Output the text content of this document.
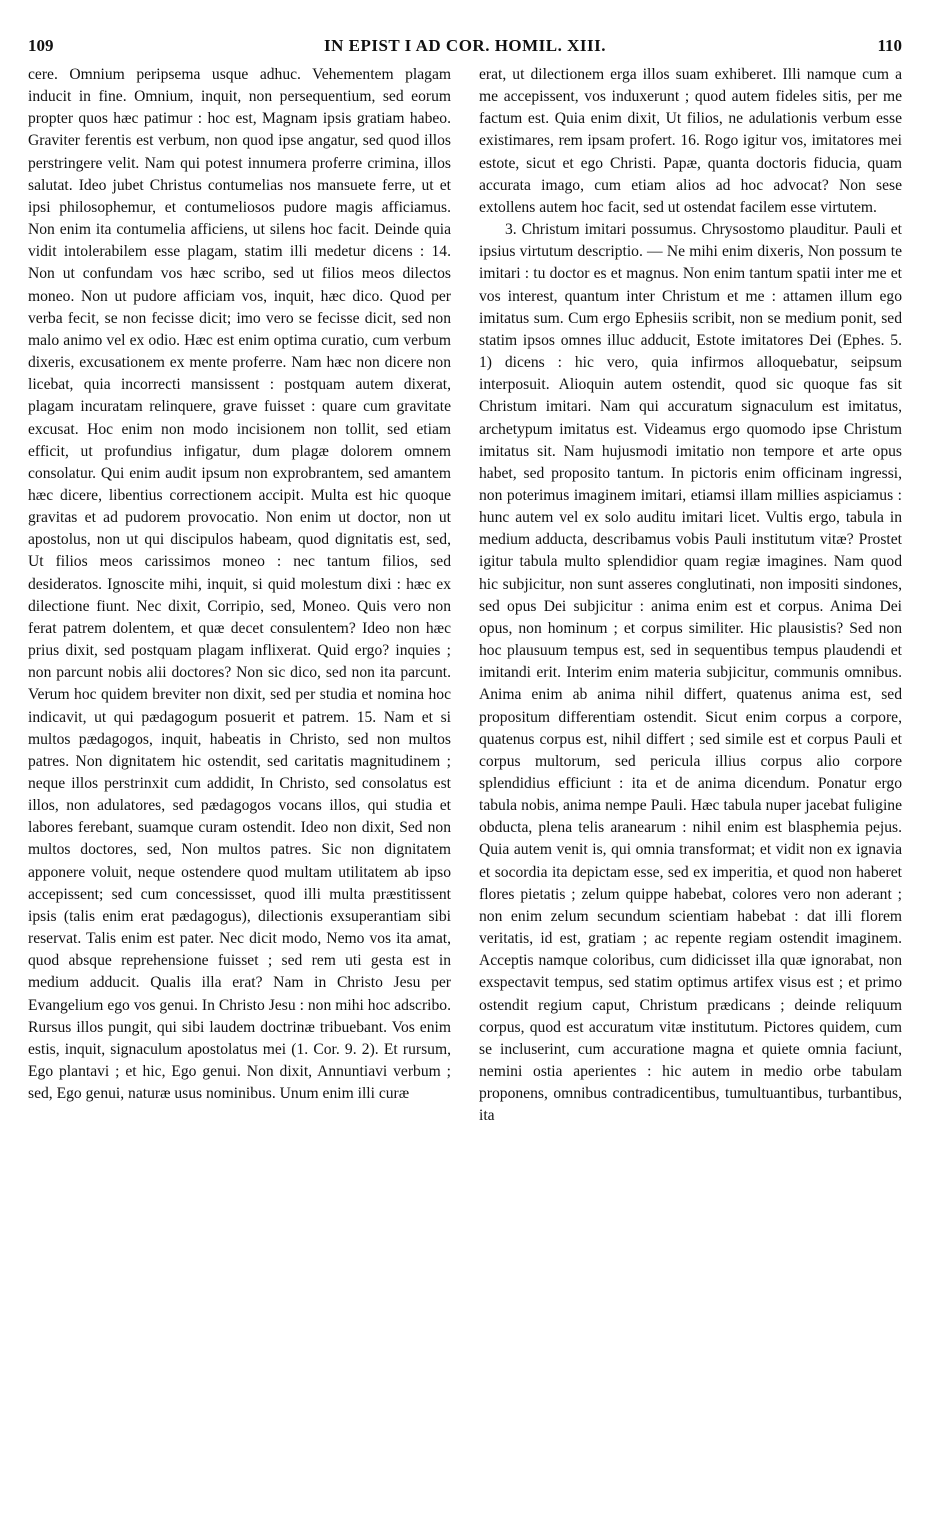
109	IN EPIST I AD COR. HOMIL. XIII.	110

cere. Omnium peripsema usque adhuc. Vehementem plagam inducit in fine. Omnium, inquit, non persequentium, sed eorum propter quos hæc patimur : hoc est, Magnam ipsis gratiam habeo. Graviter ferentis est verbum, non quod ipse angatur, sed quod illos perstringere velit. Nam qui potest innumera proferre crimina, illos salutat. Ideo jubet Christus contumelias nos mansuete ferre, ut et ipsi philosophemur, et contumeliosos pudore magis afficiamus. Non enim ita contumelia afficiens, ut silens hoc facit. Deinde quia vidit intolerabilem esse plagam, statim illi medetur dicens : 14. Non ut confundam vos hæc scribo, sed ut filios meos dilectos moneo. Non ut pudore afficiam vos, inquit, hæc dico. Quod per verba fecit, se non fecisse dicit; imo vero se fecisse dicit, sed non malo animo vel ex odio. Hæc est enim optima curatio, cum verbum dixeris, excusationem ex mente proferre. Nam hæc non dicere non licebat, quia incorrecti mansissent : postquam autem dixerat, plagam incuratam relinquere, grave fuisset : quare cum gravitate excusat. Hoc enim non modo incisionem non tollit, sed etiam efficit, ut profundius infigatur, dum plagæ dolorem omnem consolatur. Qui enim audit ipsum non exprobrantem, sed amantem hæc dicere, libentius correctionem accipit. Multa est hic quoque gravitas et ad pudorem provocatio. Non enim ut doctor, non ut apostolus, non ut qui discipulos habeam, quod dignitatis est, sed, Ut filios meos carissimos moneo : nec tantum filios, sed desideratos. Ignoscite mihi, inquit, si quid molestum dixi : hæc ex dilectione fiunt. Nec dixit, Corripio, sed, Moneo. Quis vero non ferat patrem dolentem, et quæ decet consulentem? Ideo non hæc prius dixit, sed postquam plagam inflixerat. Quid ergo? inquies ; non parcunt nobis alii doctores? Non sic dico, sed non ita parcunt. Verum hoc quidem breviter non dixit, sed per studia et nomina hoc indicavit, ut qui pædagogum posuerit et patrem. 15. Nam et si multos pædagogos, inquit, habeatis in Christo, sed non multos patres. Non dignitatem hic ostendit, sed caritatis magnitudinem ; neque illos perstrinxit cum addidit, In Christo, sed consolatus est illos, non adulatores, sed pædagogos vocans illos, qui studia et labores ferebant, suamque curam ostendit. Ideo non dixit, Sed non multos doctores, sed, Non multos patres. Sic non dignitatem apponere voluit, neque ostendere quod multam utilitatem ab ipso accepissent; sed cum concessisset, quod illi multa præstitissent ipsis (talis enim erat pædagogus), dilectionis exsuperantiam sibi reservat. Talis enim est pater. Nec dicit modo, Nemo vos ita amat, quod absque reprehensione fuisset ; sed rem uti gesta est in medium adducit. Qualis illa erat? Nam in Christo Jesu per Evangelium ego vos genui. In Christo Jesu : non mihi hoc adscribo. Rursus illos pungit, qui sibi laudem doctrinæ tribuebant. Vos enim estis, inquit, signaculum apostolatus mei (1. Cor. 9. 2). Et rursum, Ego plantavi ; et hic, Ego genui. Non dixit, Annuntiavi verbum ; sed, Ego genui, naturæ usus nominibus. Unum enim illi curæ

erat, ut dilectionem erga illos suam exhiberet. Illi namque cum a me accepissent, vos induxerunt ; quod autem fideles sitis, per me factum est. Quia enim dixit, Ut filios, ne adulationis verbum esse existimares, rem ipsam profert. 16. Rogo igitur vos, imitatores mei estote, sicut et ego Christi. Papæ, quanta doctoris fiducia, quam accurata imago, cum etiam alios ad hoc advocat? Non sese extollens autem hoc facit, sed ut ostendat facilem esse virtutem.

3. Christum imitari possumus. Chrysostomo plauditur. Pauli et ipsius virtutum descriptio. — Ne mihi enim dixeris, Non possum te imitari : tu doctor es et magnus. Non enim tantum spatii inter me et vos interest, quantum inter Christum et me : attamen illum ego imitatus sum. Cum ergo Ephesiis scribit, non se medium ponit, sed statim ipsos omnes illuc adducit, Estote imitatores Dei (Ephes. 5. 1) dicens : hic vero, quia infirmos alloquebatur, seipsum interposuit. Alioquin autem ostendit, quod sic quoque fas sit Christum imitari. Nam qui accuratum signaculum est imitatus, archetypum imitatus est. Videamus ergo quomodo ipse Christum imitatus sit. Nam hujusmodi imitatio non tempore et arte opus habet, sed proposito tantum. In pictoris enim officinam ingressi, non poterimus imaginem imitari, etiamsi illam millies aspiciamus : hunc autem vel ex solo auditu imitari licet. Vultis ergo, tabula in medium adducta, describamus vobis Pauli institutum vitæ? Prostet igitur tabula multo splendidior quam regiæ imagines. Nam quod hic subjicitur, non sunt asseres conglutinati, non impositi sindones, sed opus Dei subjicitur : anima enim est et corpus. Anima Dei opus, non hominum ; et corpus similiter. Hic plausistis? Sed non hoc plausuum tempus est, sed in sequentibus tempus plaudendi et imitandi erit. Interim enim materia subjicitur, communis omnibus. Anima enim ab anima nihil differt, quatenus anima est, sed propositum differentiam ostendit. Sicut enim corpus a corpore, quatenus corpus est, nihil differt ; sed simile est et corpus Pauli et corpus multorum, sed pericula illius corpus alio corpore splendidius efficiunt : ita et de anima dicendum. Ponatur ergo tabula nobis, anima nempe Pauli. Hæc tabula nuper jacebat fuligine obducta, plena telis aranearum : nihil enim est blasphemia pejus. Quia autem venit is, qui omnia transformat; et vidit non ex ignavia et socordia ita depictam esse, sed ex imperitia, et quod non haberet flores pietatis ; zelum quippe habebat, colores vero non aderant ; non enim zelum secundum scientiam habebat : dat illi florem veritatis, id est, gratiam ; ac repente regiam ostendit imaginem. Acceptis namque coloribus, cum didicisset illa quæ ignorabat, non exspectavit tempus, sed statim optimus artifex visus est ; et primo ostendit regium caput, Christum prædicans ; deinde reliquum corpus, quod est accuratum vitæ institutum. Pictores quidem, cum se incluserint, cum accuratione magna et quiete omnia faciunt, nemini ostia aperientes : hic autem in medio orbe tabulam proponens, omnibus contradicentibus, tumultuantibus, turbantibus, ita
